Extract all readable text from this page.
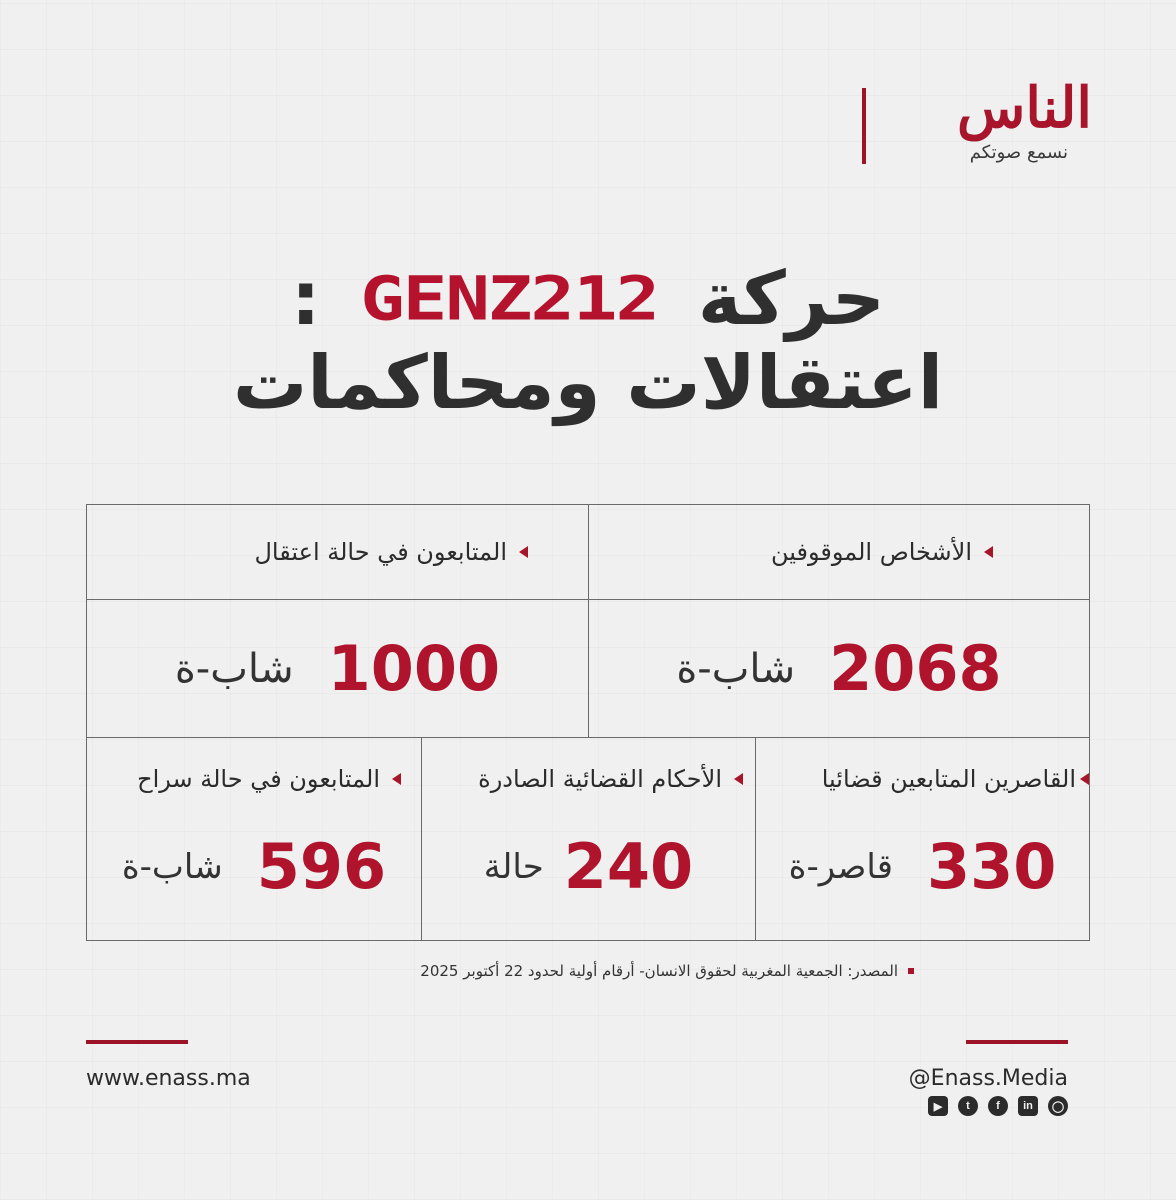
الناس
نسمع صوتكم
حركة GENZ212 :
اعتقالات ومحاكمات
الأشخاص الموقوفين
المتابعون في حالة اعتقال
شاب-ة 2068
شاب-ة 1000
القاصرين المتابعين قضائيا
قاصر-ة 330
الأحكام القضائية الصادرة
حالة 240
المتابعون في حالة سراح
شاب-ة 596
المصدر: الجمعية المغربية لحقوق الانسان- أرقام أولية لحدود 22 أكتوبر 2025
www.enass.ma	@Enass.Media
▶	t	f	in	◯
